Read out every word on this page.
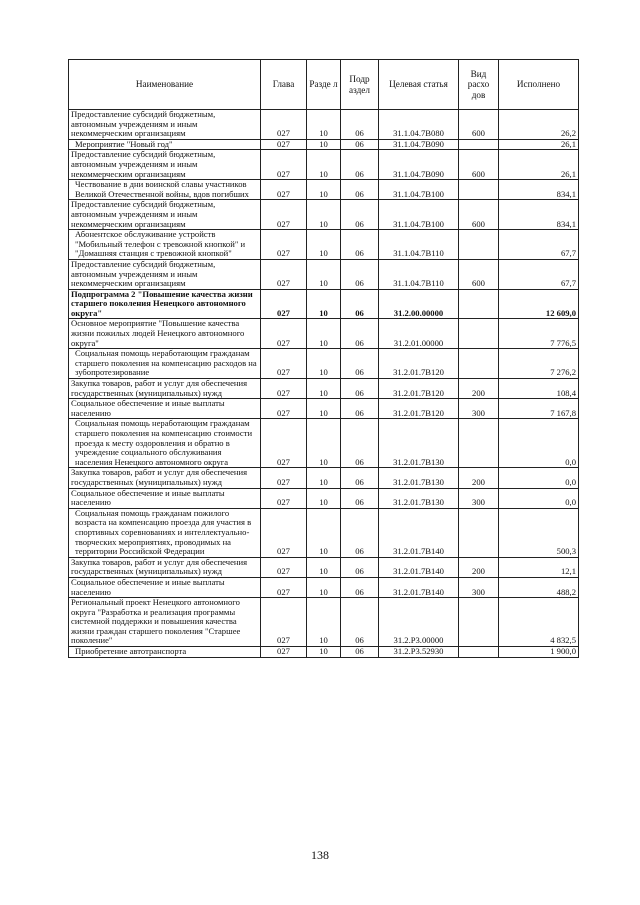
Наименование	Глава	Разде л	Подр аздел	Целевая статья	Вид расхо дов	Исполнено

Предоставление субсидий бюджетным, автономным учреждениям и иным некоммерческим организациям	027	10	06	31.1.04.7В080	600	26,2

Мероприятие "Новый год"	027	10	06	31.1.04.7В090		26,1

Предоставление субсидий бюджетным, автономным учреждениям и иным некоммерческим организациям	027	10	06	31.1.04.7В090	600	26,1

Чествование в дни воинской славы участников Великой Отечественной войны, вдов погибших	027	10	06	31.1.04.7В100		834,1

Предоставление субсидий бюджетным, автономным учреждениям и иным некоммерческим организациям	027	10	06	31.1.04.7В100	600	834,1

Абонентское обслуживание устройств "Мобильный телефон с тревожной кнопкой" и "Домашняя станция с тревожной кнопкой"	027	10	06	31.1.04.7В110		67,7

Предоставление субсидий бюджетным, автономным учреждениям и иным некоммерческим организациям	027	10	06	31.1.04.7В110	600	67,7

Подпрограмма 2 "Повышение качества жизни старшего поколения Ненецкого автономного округа"	027	10	06	31.2.00.00000		12 609,0

Основное мероприятие "Повышение качества жизни пожилых людей Ненецкого автономного округа"	027	10	06	31.2.01.00000		7 776,5

Социальная помощь неработающим гражданам старшего поколения на компенсацию расходов на зубопротезирование	027	10	06	31.2.01.7В120		7 276,2

Закупка товаров, работ и услуг для обеспечения государственных (муниципальных) нужд	027	10	06	31.2.01.7В120	200	108,4

Социальное обеспечение и иные выплаты населению	027	10	06	31.2.01.7В120	300	7 167,8

Социальная помощь неработающим гражданам старшего поколения на компенсацию стоимости проезда к месту оздоровления и обратно в учреждение социального обслуживания населения Ненецкого автономного округа	027	10	06	31.2.01.7В130		0,0

Закупка товаров, работ и услуг для обеспечения государственных (муниципальных) нужд	027	10	06	31.2.01.7В130	200	0,0

Социальное обеспечение и иные выплаты населению	027	10	06	31.2.01.7В130	300	0,0

Социальная помощь гражданам пожилого возраста на компенсацию проезда для участия в спортивных соревнованиях и интеллектуально-творческих мероприятиях, проводимых на территории Российской Федерации	027	10	06	31.2.01.7В140		500,3

Закупка товаров, работ и услуг для обеспечения государственных (муниципальных) нужд	027	10	06	31.2.01.7В140	200	12,1

Социальное обеспечение и иные выплаты населению	027	10	06	31.2.01.7В140	300	488,2

Региональный проект Ненецкого автономного округа "Разработка и реализация программы системной поддержки и повышения качества жизни граждан старшего поколения "Старшее поколение"	027	10	06	31.2.Р3.00000		4 832,5

Приобретение автотранспорта	027	10	06	31.2.Р3.52930		1 900,0
138
